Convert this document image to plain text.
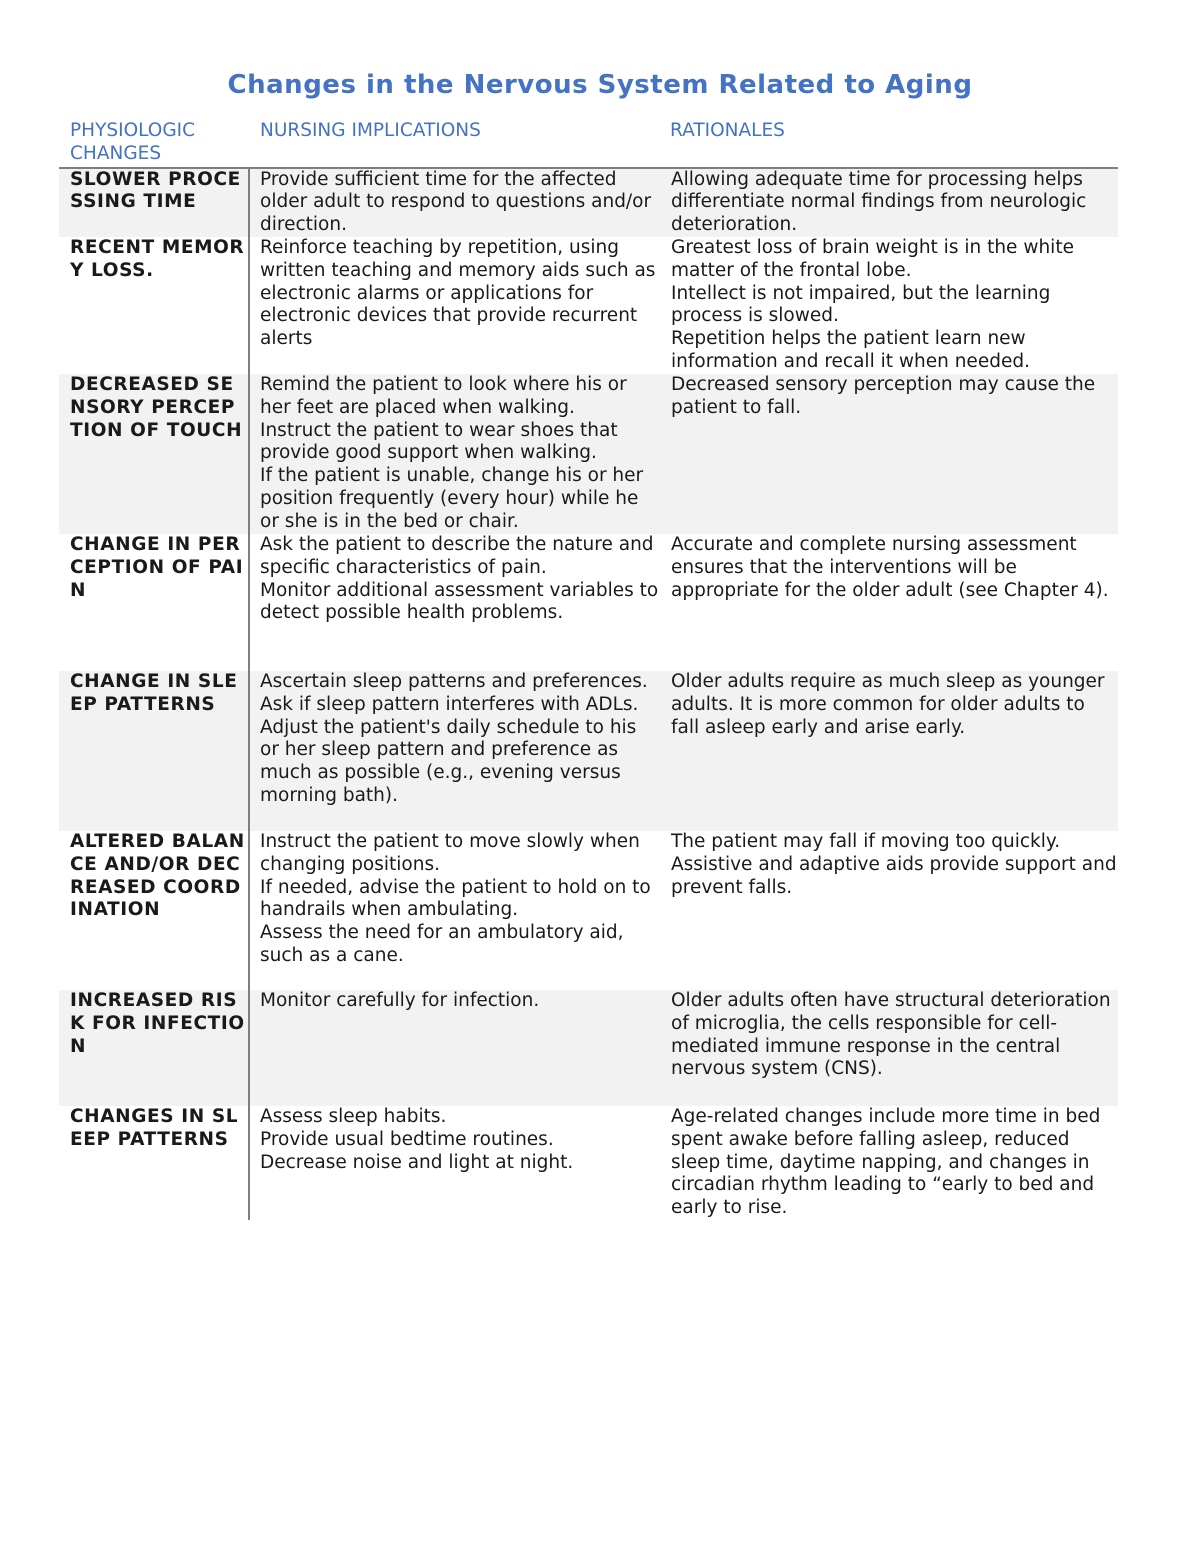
Changes in the Nervous System Related to Aging
PHYSIOLOGIC CHANGES	NURSING IMPLICATIONS	RATIONALES
SLOWER PROCESSING TIME	Provide sufficient time for the affected older adult to respond to questions and/or direction.	Allowing adequate time for processing helps differentiate normal findings from neurologic deterioration.

RECENT MEMORY LOSS.	Reinforce teaching by repetition, using written teaching and memory aids such as electronic alarms or applications for electronic devices that provide recurrent alerts	Greatest loss of brain weight is in the white matter of the frontal lobe.
Intellect is not impaired, but the learning process is slowed.
Repetition helps the patient learn new information and recall it when needed.

DECREASED SENSORY PERCEPTION OF TOUCH	Remind the patient to look where his or her feet are placed when walking.
Instruct the patient to wear shoes that provide good support when walking.
If the patient is unable, change his or her position frequently (every hour) while he or she is in the bed or chair.	Decreased sensory perception may cause the patient to fall.

CHANGE IN PERCEPTION OF PAIN	Ask the patient to describe the nature and specific characteristics of pain.
Monitor additional assessment variables to detect possible health problems.	Accurate and complete nursing assessment ensures that the interventions will be appropriate for the older adult (see Chapter 4).

CHANGE IN SLEEP PATTERNS	Ascertain sleep patterns and preferences. Ask if sleep pattern interferes with ADLs.
Adjust the patient's daily schedule to his or her sleep pattern and preference as much as possible (e.g., evening versus morning bath).	Older adults require as much sleep as younger adults. It is more common for older adults to fall asleep early and arise early.

ALTERED BALANCE AND/OR DECREASED COORDINATION	Instruct the patient to move slowly when changing positions.
If needed, advise the patient to hold on to handrails when ambulating.
Assess the need for an ambulatory aid, such as a cane.	The patient may fall if moving too quickly.
Assistive and adaptive aids provide support and prevent falls.

INCREASED RISK FOR INFECTION	Monitor carefully for infection.	Older adults often have structural deterioration of microglia, the cells responsible for cell-mediated immune response in the central nervous system (CNS).

CHANGES IN SLEEP PATTERNS	Assess sleep habits.
Provide usual bedtime routines.
Decrease noise and light at night.	Age-related changes include more time in bed spent awake before falling asleep, reduced sleep time, daytime napping, and changes in circadian rhythm leading to “early to bed and early to rise.
